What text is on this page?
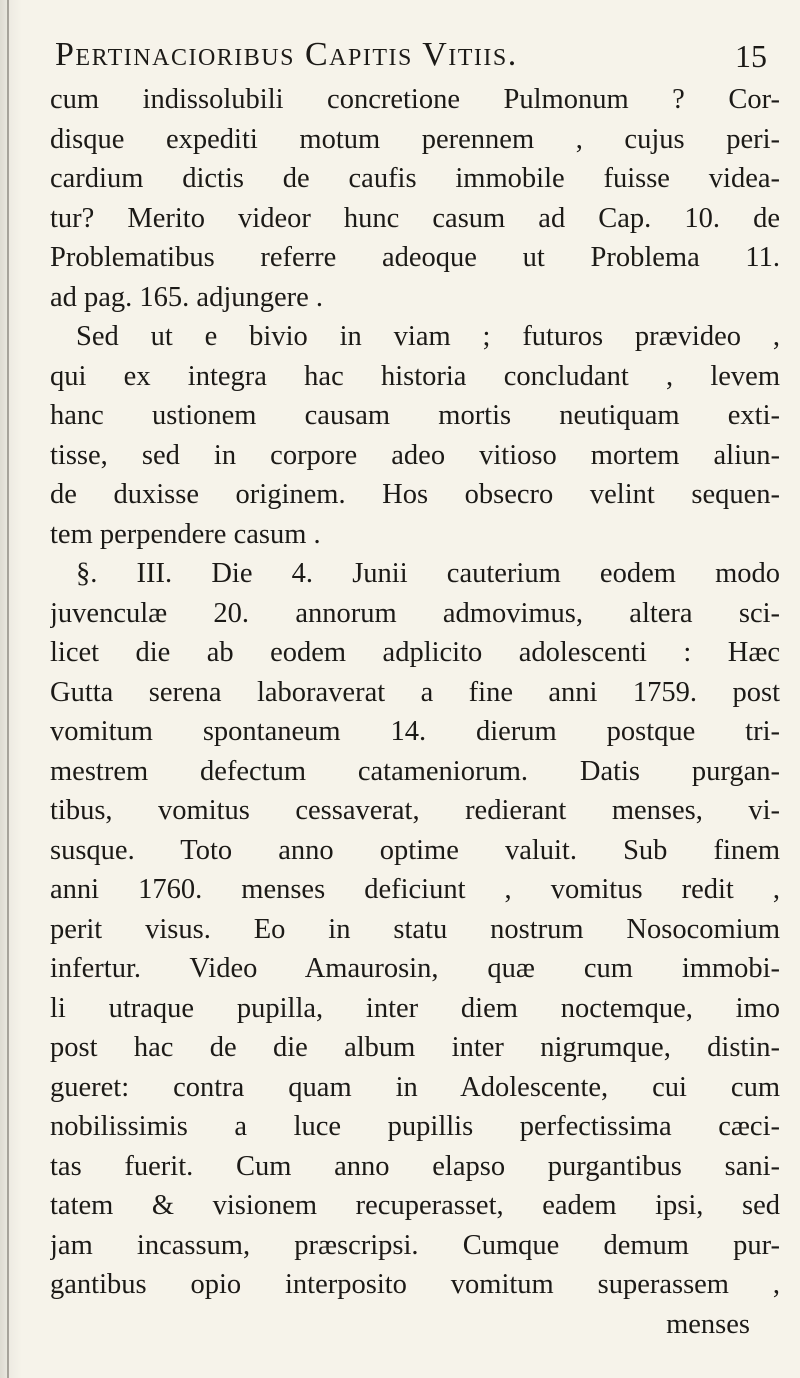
Pertinacioribus Capitis Vitiis.	15
cum indissolubili concretione Pulmonum ? Cor-
disque expediti motum perennem , cujus peri-
cardium dictis de caufis immobile fuisse videa-
tur? Merito videor hunc casum ad Cap. 10. de
Problematibus referre adeoque ut Problema 11.
ad pag. 165. adjungere .
Sed ut e bivio in viam ; futuros prævideo ,
qui ex integra hac historia concludant , levem
hanc ustionem causam mortis neutiquam exti-
tisse, sed in corpore adeo vitioso mortem aliun-
de duxisse originem. Hos obsecro velint sequen-
tem perpendere casum .
§. III. Die 4. Junii cauterium eodem modo
juvenculæ 20. annorum admovimus, altera sci-
licet die ab eodem adplicito adolescenti : Hæc
Gutta serena laboraverat a fine anni 1759. post
vomitum spontaneum 14. dierum postque tri-
mestrem defectum catameniorum. Datis purgan-
tibus, vomitus cessaverat, redierant menses, vi-
susque. Toto anno optime valuit. Sub finem
anni 1760. menses deficiunt , vomitus redit ,
perit visus. Eo in statu nostrum Nosocomium
infertur. Video Amaurosin, quæ cum immobi-
li utraque pupilla, inter diem noctemque, imo
post hac de die album inter nigrumque, distin-
gueret: contra quam in Adolescente, cui cum
nobilissimis a luce pupillis perfectissima cæci-
tas fuerit. Cum anno elapso purgantibus sani-
tatem & visionem recuperasset, eadem ipsi, sed
jam incassum, præscripsi. Cumque demum pur-
gantibus opio interposito vomitum superassem ,
menses
